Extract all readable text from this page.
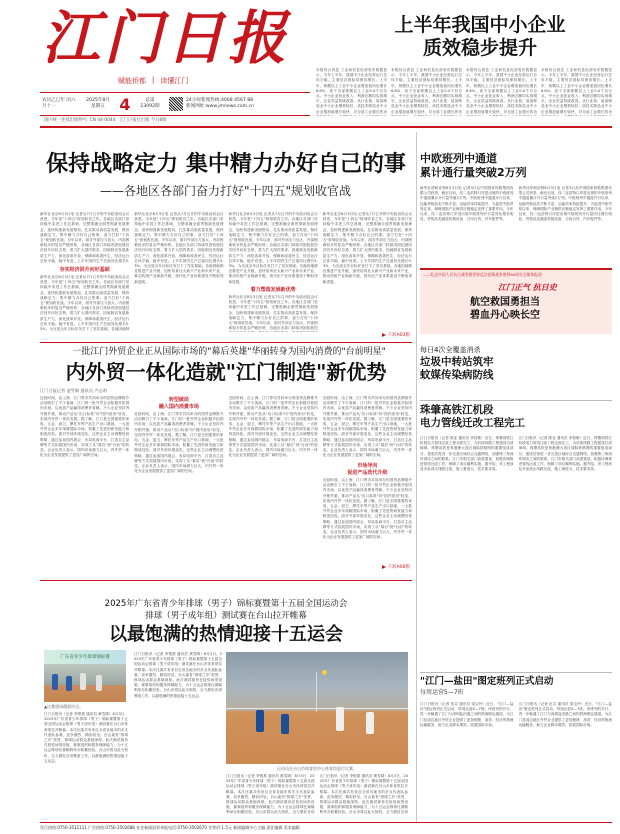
江门日报
赋能侨都 | 读懂江门
上半年我国中小企业
质效稳步提升
本报综合消息 工业和信息化部发布数据显示，今年上半年，我国中小企业经营运行总体平稳，主要经济指标均保持增长。上半年，规模以上工业中小企业增加值同比增长6.8%，高于全部规模以上工业0.4个百分点。中小企业营业收入、利润总额均实现增长，企业效益持续改善。从行业看，装备制造业中小企业增势较好，高技术制造业中小企业增加值增长较快，对全部工业增长的贡
本报综合消息 工业和信息化部发布数据显示，今年上半年，我国中小企业经营运行总体平稳，主要经济指标均保持增长。上半年，规模以上工业中小企业增加值同比增长6.8%，高于全部规模以上工业0.4个百分点。中小企业营业收入、利润总额均实现增长，企业效益持续改善。从行业看，装备制造业中小企业增势较好，高技术制造业中小企业增加值增长较快，对全部工业增长的贡
本报综合消息 工业和信息化部发布数据显示，今年上半年，我国中小企业经营运行总体平稳，主要经济指标均保持增长。上半年，规模以上工业中小企业增加值同比增长6.8%，高于全部规模以上工业0.4个百分点。中小企业营业收入、利润总额均实现增长，企业效益持续改善。从行业看，装备制造业中小企业增势较好，高技术制造业中小企业增加值增长较快，对全部工业增长的贡
本报综合消息 工业和信息化部发布数据显示，今年上半年，我国中小企业经营运行总体平稳，主要经济指标均保持增长。上半年，规模以上工业中小企业增加值同比增长6.8%，高于全部规模以上工业0.4个百分点。中小企业营业收入、利润总额均实现增长，企业效益持续改善。从行业看，装备制造业中小企业增势较好，高技术制造业中小企业增加值增长较快，对全部工业增长的贡
农历乙巳年 闰六月十一
2025年8月
星期五 4	总第
13092期
24小时新闻热线:4008 4567 88
新闻网址:www.jmnews.com.cn
国内统一连续出版物号: CN 44-0044 江门日报社出版 今日8版
保持战略定力 集中精力办好自己的事
——各地区各部门奋力打好"十四五"规划收官战
新华社北京8月3日电 记者从7月召开的中央政治局会议获悉，今年是"十四五"规划收官之年。各地区各部门坚持稳中求进工作总基调，完整准确全面贯彻新发展理念，加快构建新发展格局，扎实推动高质量发展，保持战略定力，集中精力办好自己的事，奋力打好"十四五"规划收官战。今年以来，面对外部压力加大、内部困难较多的复杂严峻形势，各地区各部门持续巩固拓展经济回升向好态势，着力扩大国内需求，因地制宜发展新质生产力，深化改革开放，保障和改善民生，经济运行总体平稳、稳中有进。上半年国内生产总值同比增长5.
夯实经济回升向好基础
新华社北京8月3日电 记者从7月召开的中央政治局会议获悉，今年是"十四五"规划收官之年。各地区各部门坚持稳中求进工作总基调，完整准确全面贯彻新发展理念，加快构建新发展格局，扎实推动高质量发展，保持战略定力，集中精力办好自己的事，奋力打好"十四五"规划收官战。今年以来，面对外部压力加大、内部困难较多的复杂严峻形势，各地区各部门持续巩固拓展经济回升向好态势，着力扩大国内需求，因地制宜发展新质生产力，深化改革开放，保障和改善民生，经济运行总体平稳、稳中有进。上半年国内生产总值同比增长5.3%，为完成全年目标任务打下了坚实基础。各地因地制
新华社北京8月3日电 记者从7月召开的中央政治局会议获悉，今年是"十四五"规划收官之年。各地区各部门坚持稳中求进工作总基调，完整准确全面贯彻新发展理念，加快构建新发展格局，扎实推动高质量发展，保持战略定力，集中精力办好自己的事，奋力打好"十四五"规划收官战。今年以来，面对外部压力加大、内部困难较多的复杂严峻形势，各地区各部门持续巩固拓展经济回升向好态势，着力扩大国内需求，因地制宜发展新质生产力，深化改革开放，保障和改善民生，经济运行总体平稳、稳中有进。上半年国内生产总值同比增长5.3%，为完成全年目标任务打下了坚实基础。各地因地制宜推进产业升级，加快培育壮大新兴产业和未来产业，推动传统产业焕新升级，现代化产业体系建设不断取得新进展。
新华社北京8月3日电 记者从7月召开的中央政治局会议获悉，今年是"十四五"规划收官之年。各地区各部门坚持稳中求进工作总基调，完整准确全面贯彻新发展理念，加快构建新发展格局，扎实推动高质量发展，保持战略定力，集中精力办好自己的事，奋力打好"十四五"规划收官战。今年以来，面对外部压力加大、内部困难较多的复杂严峻形势，各地区各部门持续巩固拓展经济回升向好态势，着力扩大国内需求，因地制宜发展新质生产力，深化改革开放，保障和改善民生，经济运行总体平稳、稳中有进。上半年国内生产总值同比增长5.3%，为完成全年目标任务打下了坚实基础。各地因地制宜推进产业升级，加快培育壮大新兴产业和未来产业，推动传统产业焕新升级，现代化产业体系建设不断取得新进展。
着力塑造发展新优势
新华社北京8月3日电 记者从7月召开的中央政治局会议获悉，今年是"十四五"规划收官之年。各地区各部门坚持稳中求进工作总基调，完整准确全面贯彻新发展理念，加快构建新发展格局，扎实推动高质量发展，保持战略定力，集中精力办好自己的事，奋力打好"十四五"规划收官战。今年以来，面对外部压力加大、内部困难较多的复杂严峻形势，各地区各部门持续巩固拓展经
新华社北京8月3日电 记者从7月召开的中央政治局会议获悉，今年是"十四五"规划收官之年。各地区各部门坚持稳中求进工作总基调，完整准确全面贯彻新发展理念，加快构建新发展格局，扎实推动高质量发展，保持战略定力，集中精力办好自己的事，奋力打好"十四五"规划收官战。今年以来，面对外部压力加大、内部困难较多的复杂严峻形势，各地区各部门持续巩固拓展经济回升向好态势，着力扩大国内需求，因地制宜发展新质生产力，深化改革开放，保障和改善民生，经济运行总体平稳、稳中有进。上半年国内生产总值同比增长5.3%，为完成全年目标任务打下了坚实基础。各地因地制宜推进产业升级，加快培育壮大新兴产业和未来产业，推动传统产业焕新升级，现代化产业体系建设不断取得新进展。
下转A03版
一批江门外贸企业正从国际市场的"幕后英雄"华丽转身为国内消费的"台前明星"
内外贸一体化造就"江门制造"新优势
江门日报记者 凌雪敏 通讯员 卢志明
近段时间，由上海、江门等市共同举办的国货品牌推介活动吸引了不少客商。江门的一批外贸企业积极开拓国内市场，以优质产品赢得消费者青睐。不少企业坚持内外销并重，推动产品从"出口标准"向"国内爱用"转变，实现内外贸一体化发展。据了解，江门是全国重要的家电、五金、厨卫、摩托车等产品生产出口基地，一大批外贸企业多年深耕国际市场，积累了先进的研发能力和制造经验。面对外部环境变化，这些企业主动调整经营策略，通过参加国内展会、布局电商平台、打造自主品牌等方式拓展国内市场，实现了从"幕后"到"台前"的转变。企业负责人表示，国内市场潜力巨大，内外贸一体化为企业发展提供了更加广阔的空间。
转型破局
融入国内消费市场
近段时间，由上海、江门等市共同举办的国货品牌推介活动吸引了不少客商。江门的一批外贸企业积极开拓国内市场，以优质产品赢得消费者青睐。不少企业坚持内外销并重，推动产品从"出口标准"向"国内爱用"转变，实现内外贸一体化发展。据了解，江门是全国重要的家电、五金、厨卫、摩托车等产品生产出口基地，一大批外贸企业多年深耕国际市场，积累了先进的研发能力和制造经验。面对外部环境变化，这些企业主动调整经营策略，通过参加国内展会、布局电商平台、打造自主品牌等方式拓展国内市场，实现了从"幕后"到"台前"的转变。企业负责人表示，国内市场潜力巨大，内外贸一体化为企业发展提供了更加广阔的空间。
近段时间，由上海、江门等市共同举办的国货品牌推介活动吸引了不少客商。江门的一批外贸企业积极开拓国内市场，以优质产品赢得消费者青睐。不少企业坚持内外销并重，推动产品从"出口标准"向"国内爱用"转变，实现内外贸一体化发展。据了解，江门是全国重要的家电、五金、厨卫、摩托车等产品生产出口基地，一大批外贸企业多年深耕国际市场，积累了先进的研发能力和制造经验。面对外部环境变化，这些企业主动调整经营策略，通过参加国内展会、布局电商平台、打造自主品牌等方式拓展国内市场，实现了从"幕后"到"台前"的转变。企业负责人表示，国内市场潜力巨大，内外贸一体化为企业发展提供了更加广阔的空间。
近段时间，由上海、江门等市共同举办的国货品牌推介活动吸引了不少客商。江门的一批外贸企业积极开拓国内市场，以优质产品赢得消费者青睐。不少企业坚持内外销并重，推动产品从"出口标准"向"国内爱用"转变，实现内外贸一体化发展。据了解，江门是全国重要的家电、五金、厨卫、摩托车等产品生产出口基地，一大批外贸企业多年深耕国际市场，积累了先进的研发能力和制造经验。面对外部环境变化，这些企业主动调整经营策略，通过参加国内展会、布局电商平台、打造自主品牌等方式拓展国内市场，实现了从"幕后"到"台前"的转变。企业负责人表示，国内市场潜力巨大，内外贸一体化为企业发展提供了更加广阔的空间。
市场导向
促进产品迭代升级
近段时间，由上海、江门等市共同举办的国货品牌推介活动吸引了不少客商。江门的一批外贸企业积极开拓国内市场，以优质产品赢得消费者青睐。不少企业坚持内外销并重，推动产品从"出口标准"向"国内爱用"转变，实现内外贸一体化发展。据了解，江门是全国重要的家电、五金、厨卫、摩托车等产品生产出口基地，一大批外贸企业多年深耕国际市场，积累了先进的研发能力和制造经验。面对外部环境变化，这些企业主动调整经营策略，通过参加国内展会、布局电商平台、打造自主品牌等方式拓展国内市场，实现了从"幕后"到"台前"的转变。企业负责人表示，国内市场潜力巨大，内外贸一体化为企业发展提供了更加广阔的空间。
下转A06版
2025年广东省青少年排球（男子）锦标赛暨第十五届全国运动会
排球（男子成年组）测试赛在台山拉开帷幕
以最饱满的热情迎接十五运会
广东省青少年排球锦标赛
▲比赛现场精彩纷呈。
运动员在台山市体育馆中心体育馆进行比赛。
江门日报讯（记者 李银燕 通讯员 黄雪晴）8月3日，2025年广东省青少年排球（男子）锦标赛暨第十五届全国运动会排球（男子成年组）测试赛在台山市体育馆拉开帷幕。本次比赛共有来自全省各地市的多支代表队参赛，竞争激烈，精彩纷呈。台山素有"排球之乡"美誉，排球运动群众基础深厚。此次测试赛旨在检验场馆设施、赛事组织和服务保障能力，为十五运会排球比赛顺利举办积累经验。台山市将以此为契机，全力做好各项筹备工作，以最饱满的热情迎接十五运会。
江门日报讯（记者 李银燕 通讯员 黄雪晴）8月3日，2025年广东省青少年排球（男子）锦标赛暨第十五届全国运动会排球（男子成年组）测试赛在台山市体育馆拉开帷幕。本次比赛共有来自全省各地市的多支代表队参赛，竞争激烈，精彩纷呈。台山素有"排球之乡"美誉，排球运动群众基础深厚。此次测试赛旨在检验场馆设施、赛事组织和服务保障能力，为十五运会排球比赛顺利举办积累经验。台山市将以此为契机，全力做好各项筹备工作，以最饱满的热情迎接十五运会。
江门日报讯（记者 李银燕 通讯员 黄雪晴）8月3日，2025年广东省青少年排球（男子）锦标赛暨第十五届全国运动会排球（男子成年组）测试赛在台山市体育馆拉开帷幕。本次比赛共有来自全省各地市的多支代表队参赛，竞争激烈，精彩纷呈。台山素有"排球之乡"美誉，排球运动群众基础深厚。此次测试赛旨在检验场馆设施、赛事组织和服务保障能力，为十五运会排球比赛顺利举办积累经验。台山市将以此为契机，全力做好各项
江门日报讯（记者 李银燕 通讯员 黄雪晴）8月3日，2025年广东省青少年排球（男子）锦标赛暨第十五届全国运动会排球（男子成年组）测试赛在台山市体育馆拉开帷幕。本次比赛共有来自全省各地市的多支代表队参赛，竞争激烈，精彩纷呈。台山素有"排球之乡"美誉，排球运动群众基础深厚。此次测试赛旨在检验场馆设施、赛事组织和服务保障能力，为十五运会排球比赛顺利举办积累经验。台山市将以此为契机，全力做好各项
中欧班列中通道
累计通行量突破2万列
新华社呼和浩特8月3日电 记者3日从中国国家铁路集团有限公司获悉，截至目前，经二连浩特口岸进出境的中欧班列中通道累计开行量突破2万列。中欧班列中通道开行以来，运输货物品类不断丰富，运输效率持续提升，为促进中欧贸易往来、保障国际产业链供应链稳定发挥了重要作用。今年以来，经二连浩特口岸进出境中欧班列开行量同比增长明显，货物品类涵盖机械设备、日用百货、汽车配件等。
新华社呼和浩特8月3日电 记者3日从中国国家铁路集团有限公司获悉，截至目前，经二连浩特口岸进出境的中欧班列中通道累计开行量突破2万列。中欧班列中通道开行以来，运输货物品类不断丰富，运输效率持续提升，为促进中欧贸易往来、保障国际产业链供应链稳定发挥了重要作用。今年以来，经二连浩特口岸进出境中欧班列开行量同比增长明显，货物品类涵盖机械设备、日用百货、汽车配件等。
——纪念中国人民抗日战争暨世界反法西斯战争胜利80周年全媒体报道
江门正气 抗日史
航空救国勇担当
碧血丹心映长空
每日4次全覆盖消杀
垃圾中转站筑牢
蚊媒传染病防线
珠肇高铁江机段
电力管线迁改工程完工
江门日报讯（记者 陈亚 通讯员 李智敏）近日，珠肇高铁江机段电力管线迁改工程全面完工，为后续线路工程建设扫清障碍。珠肇高铁是粤港澳大湾区城际铁路网的重要组成部分，建成后将进一步完善区域综合交通网络，加强珠三角西岸城市之间的联系。江门市相关部门高度重视，积极协调推进管线迁改工作，保障了项目顺利实施。据介绍，该工程涉及多条高压线路迁改，施工难度大、技术要求高。
江门日报讯（记者 陈亚 通讯员 李智敏）近日，珠肇高铁江机段电力管线迁改工程全面完工，为后续线路工程建设扫清障碍。珠肇高铁是粤港澳大湾区城际铁路网的重要组成部分，建成后将进一步完善区域综合交通网络，加强珠三角西岸城市之间的联系。江门市相关部门高度重视，积极协调推进管线迁改工作，保障了项目顺利实施。据介绍，该工程涉及多条高压线路迁改，施工难度大、技术要求高。
"江门—盐田"图定班列正式启动
每周运营5—7班
江门日报讯（记者 伍芬 通讯员 梁宝玲）近日，"江门—盐田"图定班列正式启动，每周运营5—7班。该班列的开行，进一步畅通了江门与深圳盐田港之间的铁海联运通道，为江门及周边地区外贸企业提供了更加便捷、高效、经济的物流运输服务，助力企业降本增效，拓展国际市场。
江门日报讯（记者 伍芬 通讯员 梁宝玲）近日，"江门—盐田"图定班列正式启动，每周运营5—7班。该班列的开行，进一步畅通了江门与深圳盐田港之间的铁海联运通道，为江门及周边地区外贸企业提供了更加便捷、高效、经济的物流运输服务，助力企业降本增效，拓展国际市场。
发行热线:0750-3511111 广告热线:0750-3502688 社会新闻投诉举报电话:0750-3502670 零售价:1.5元 新闻编辑中心主编 责任编辑 美术编辑
